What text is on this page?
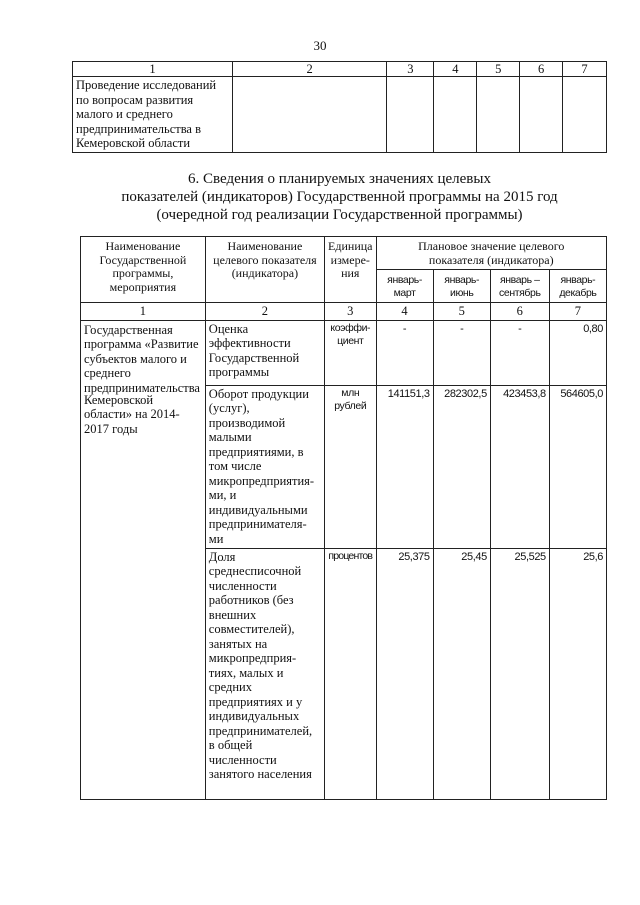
30
1	2	3	4	5	6	7
Проведение исследований по вопросам развития малого и среднего предпринимательства в Кемеровской области						
6. Сведения о планируемых значениях целевых
показателей (индикаторов) Государственной программы на 2015 год
(очередной год реализации Государственной программы)
Наименование Государственной программы, мероприятия	Наименование целевого показателя (индикатора)	Единица измере-ния	Плановое значение целевого показателя (индикатора)			
			январь-март	январь-июнь	январь – сентябрь	январь-декабрь
1	2	3	4	5	6	7

Государственная программа «Развитие субъектов малого и среднего предпринимательства
Кемеровской области» на 2014-2017 годы	Оценка эффективности Государственной программы	коэффи-циент	-	-	-	0,80
	Оборот продукции (услуг), производимой малыми предприятиями, в том числе микропредприятия-ми, и индивидуальными предпринимателя-ми	млн рублей	141151,3	282302,5	423453,8	564605,0
	Доля среднесписочной численности работников (без внешних совместителей), занятых на микропредприя-тиях, малых и средних предприятиях и у индивидуальных предпринимателей, в общей численности занятого населения	процентов	25,375	25,45	25,525	25,6
